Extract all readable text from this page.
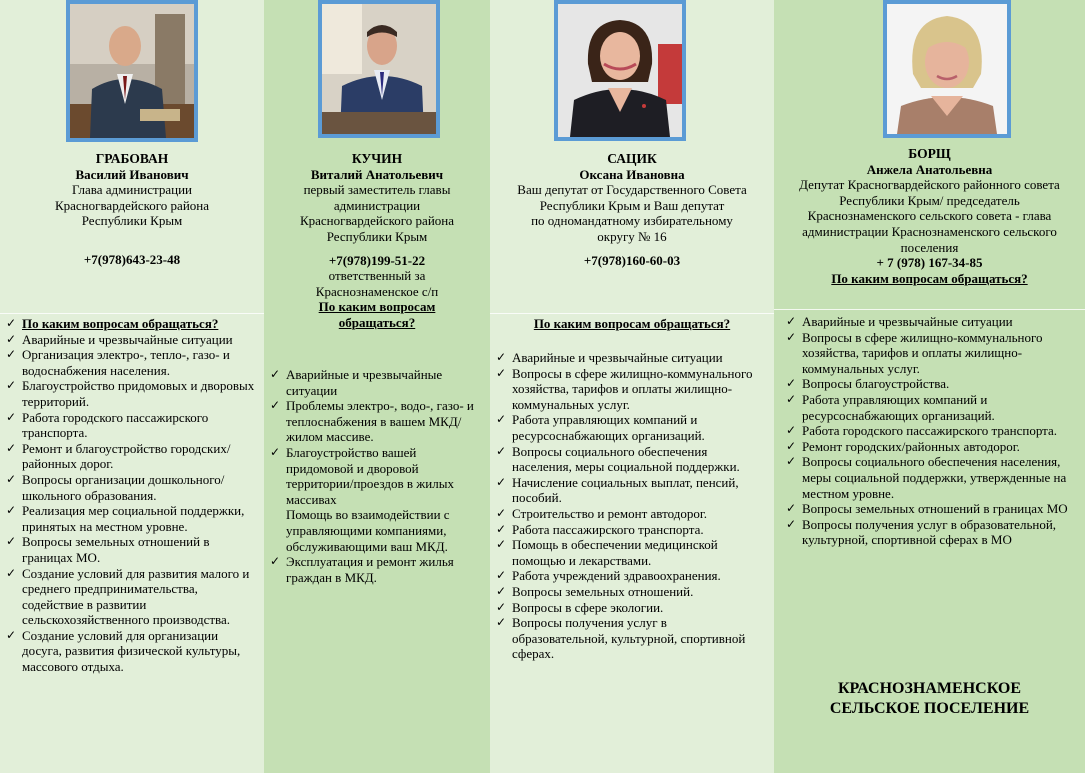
ГРАБОВАН
Василий Иванович
Глава администрации
Красногвардейского района
Республики Крым
+7(978)643-23-48
✓ По каким вопросам обращаться?
✓ Аварийные и чрезвычайные ситуации
✓ Организация электро-, тепло-, газо- и водоснабжения населения.
✓ Благоустройство придомовых и дворовых территорий.
✓ Работа городского пассажирского транспорта.
✓ Ремонт и благоустройство городских/районных дорог.
✓ Вопросы организации дошкольного/школьного образования.
✓ Реализация мер социальной поддержки, принятых на местном уровне.
✓ Вопросы земельных отношений в границах МО.
✓ Создание условий для развития малого и среднего предпринимательства, содействие в развитии сельскохозяйственного производства.
✓ Создание условий для организации досуга, развития физической культуры, массового отдыха.
КУЧИН
Виталий Анатольевич
первый заместитель главы
администрации
Красногвардейского района
Республики Крым
+7(978)199-51-22
ответственный за
Краснознаменское с/п
По каким вопросам
обращаться?
✓ Аварийные и чрезвычайные ситуации
✓ Проблемы электро-, водо-, газо- и теплоснабжения в вашем МКД/жилом массиве.
✓ Благоустройство вашей придомовой и дворовой территории/проездов в жилых массивах
Помощь во взаимодействии с управляющими компаниями, обслуживающими ваш МКД.
✓ Эксплуатация и ремонт жилья граждан в МКД.
САЦИК
Оксана Ивановна
Ваш депутат от Государственного Совета
Республики Крым и Ваш депутат
по одномандатному избирательному
округу № 16
+7(978)160-60-03
По каким вопросам обращаться?
✓ Аварийные и чрезвычайные ситуации
✓ Вопросы в сфере жилищно-коммунального хозяйства, тарифов и оплаты жилищно-коммунальных услуг.
✓ Работа управляющих компаний и ресурсоснабжающих организаций.
✓ Вопросы социального обеспечения населения, меры социальной поддержки.
✓ Начисление социальных выплат, пенсий, пособий.
✓ Строительство и ремонт автодорог.
✓ Работа пассажирского транспорта.
✓ Помощь в обеспечении медицинской помощью и лекарствами.
✓ Работа учреждений здравоохранения.
✓ Вопросы земельных отношений.
✓ Вопросы в сфере экологии.
✓ Вопросы получения услуг в образовательной, культурной, спортивной сферах.
БОРЩ
Анжела Анатольевна
Депутат Красногвардейского районного совета
Республики Крым/ председатель
Краснознаменского сельского совета - глава
администрации Краснознаменского сельского
поселения
+ 7 (978) 167-34-85
По каким вопросам обращаться?
✓ Аварийные и чрезвычайные ситуации
✓ Вопросы в сфере жилищно-коммунального хозяйства, тарифов и оплаты жилищно-коммунальных услуг.
✓ Вопросы благоустройства.
✓ Работа управляющих компаний и ресурсоснабжающих организаций.
✓ Работа городского пассажирского транспорта.
✓ Ремонт городских/районных автодорог.
✓ Вопросы социального обеспечения населения, меры социальной поддержки, утвержденные на местном уровне.
✓ Вопросы земельных отношений в границах МО
✓ Вопросы получения услуг в образовательной, культурной, спортивной сферах в МО
КРАСНОЗНАМЕНСКОЕ
СЕЛЬСКОЕ ПОСЕЛЕНИЕ
